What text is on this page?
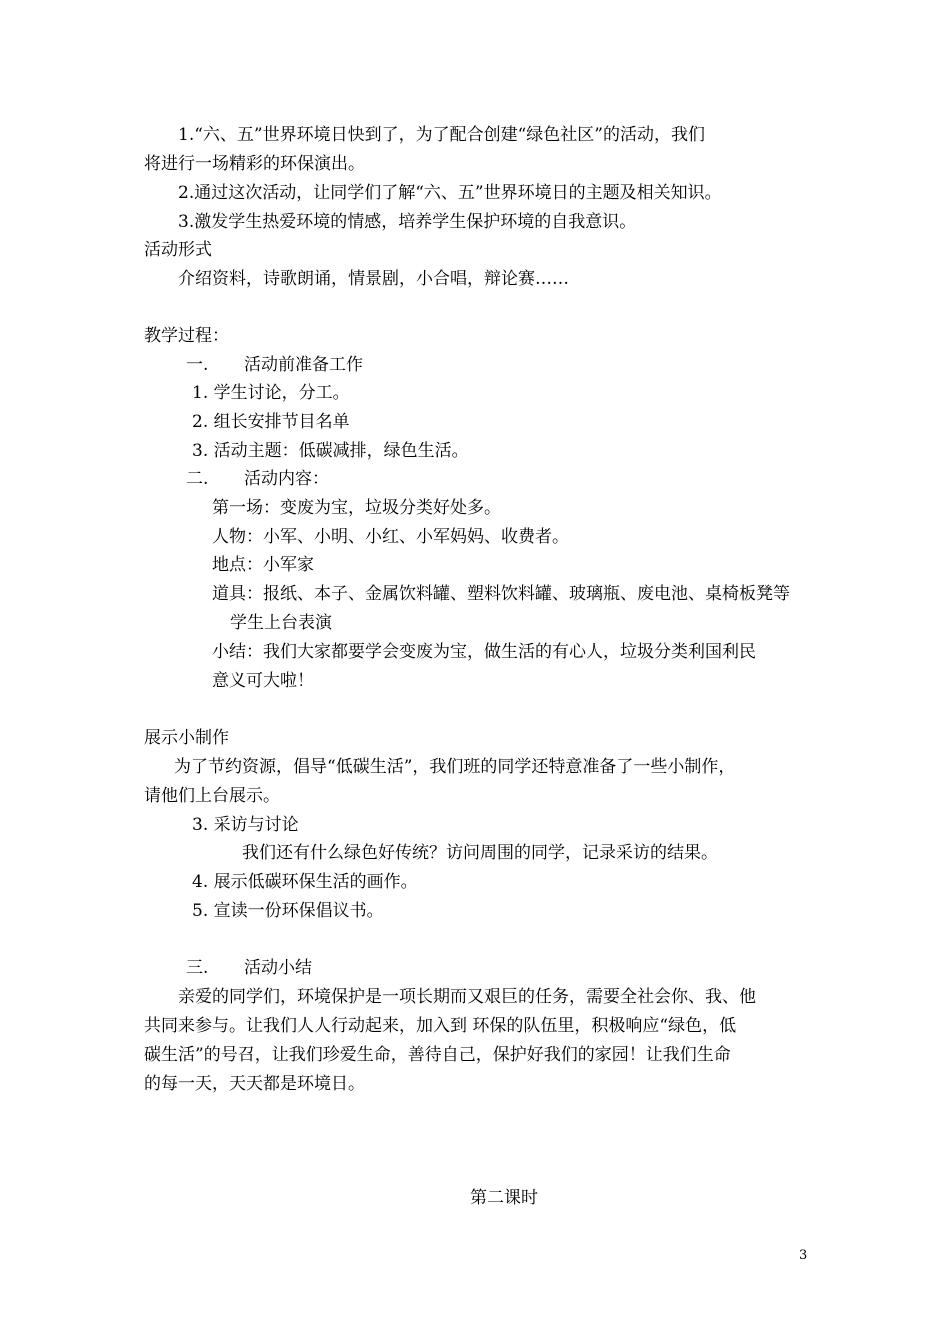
1.“六、五”世界环境日快到了，为了配合创建“绿色社区”的活动，我们
将进行一场精彩的环保演出。
2.通过这次活动，让同学们了解“六、五”世界环境日的主题及相关知识。
3.激发学生热爱环境的情感，培养学生保护环境的自我意识。
活动形式
介绍资料，诗歌朗诵，情景剧，小合唱，辩论赛……
教学过程：
一. 活动前准备工作
1. 学生讨论，分工。
2. 组长安排节目名单
3. 活动主题：低碳减排，绿色生活。
二. 活动内容：
第一场：变废为宝，垃圾分类好处多。
人物：小军、小明、小红、小军妈妈、收费者。
地点：小军家
道具：报纸、本子、金属饮料罐、塑料饮料罐、玻璃瓶、废电池、桌椅板凳等
学生上台表演
小结：我们大家都要学会变废为宝，做生活的有心人，垃圾分类利国利民
意义可大啦！
展示小制作
为了节约资源，倡导“低碳生活”，我们班的同学还特意准备了一些小制作，
请他们上台展示。
3. 采访与讨论
我们还有什么绿色好传统？访问周围的同学，记录采访的结果。
4. 展示低碳环保生活的画作。
5. 宣读一份环保倡议书。
三. 活动小结
亲爱的同学们，环境保护是一项长期而又艰巨的任务，需要全社会你、我、他
共同来参与。让我们人人行动起来，加入到 环保的队伍里，积极响应“绿色，低
碳生活”的号召，让我们珍爱生命，善待自己，保护好我们的家园！让我们生命
的每一天，天天都是环境日。
第二课时
3
